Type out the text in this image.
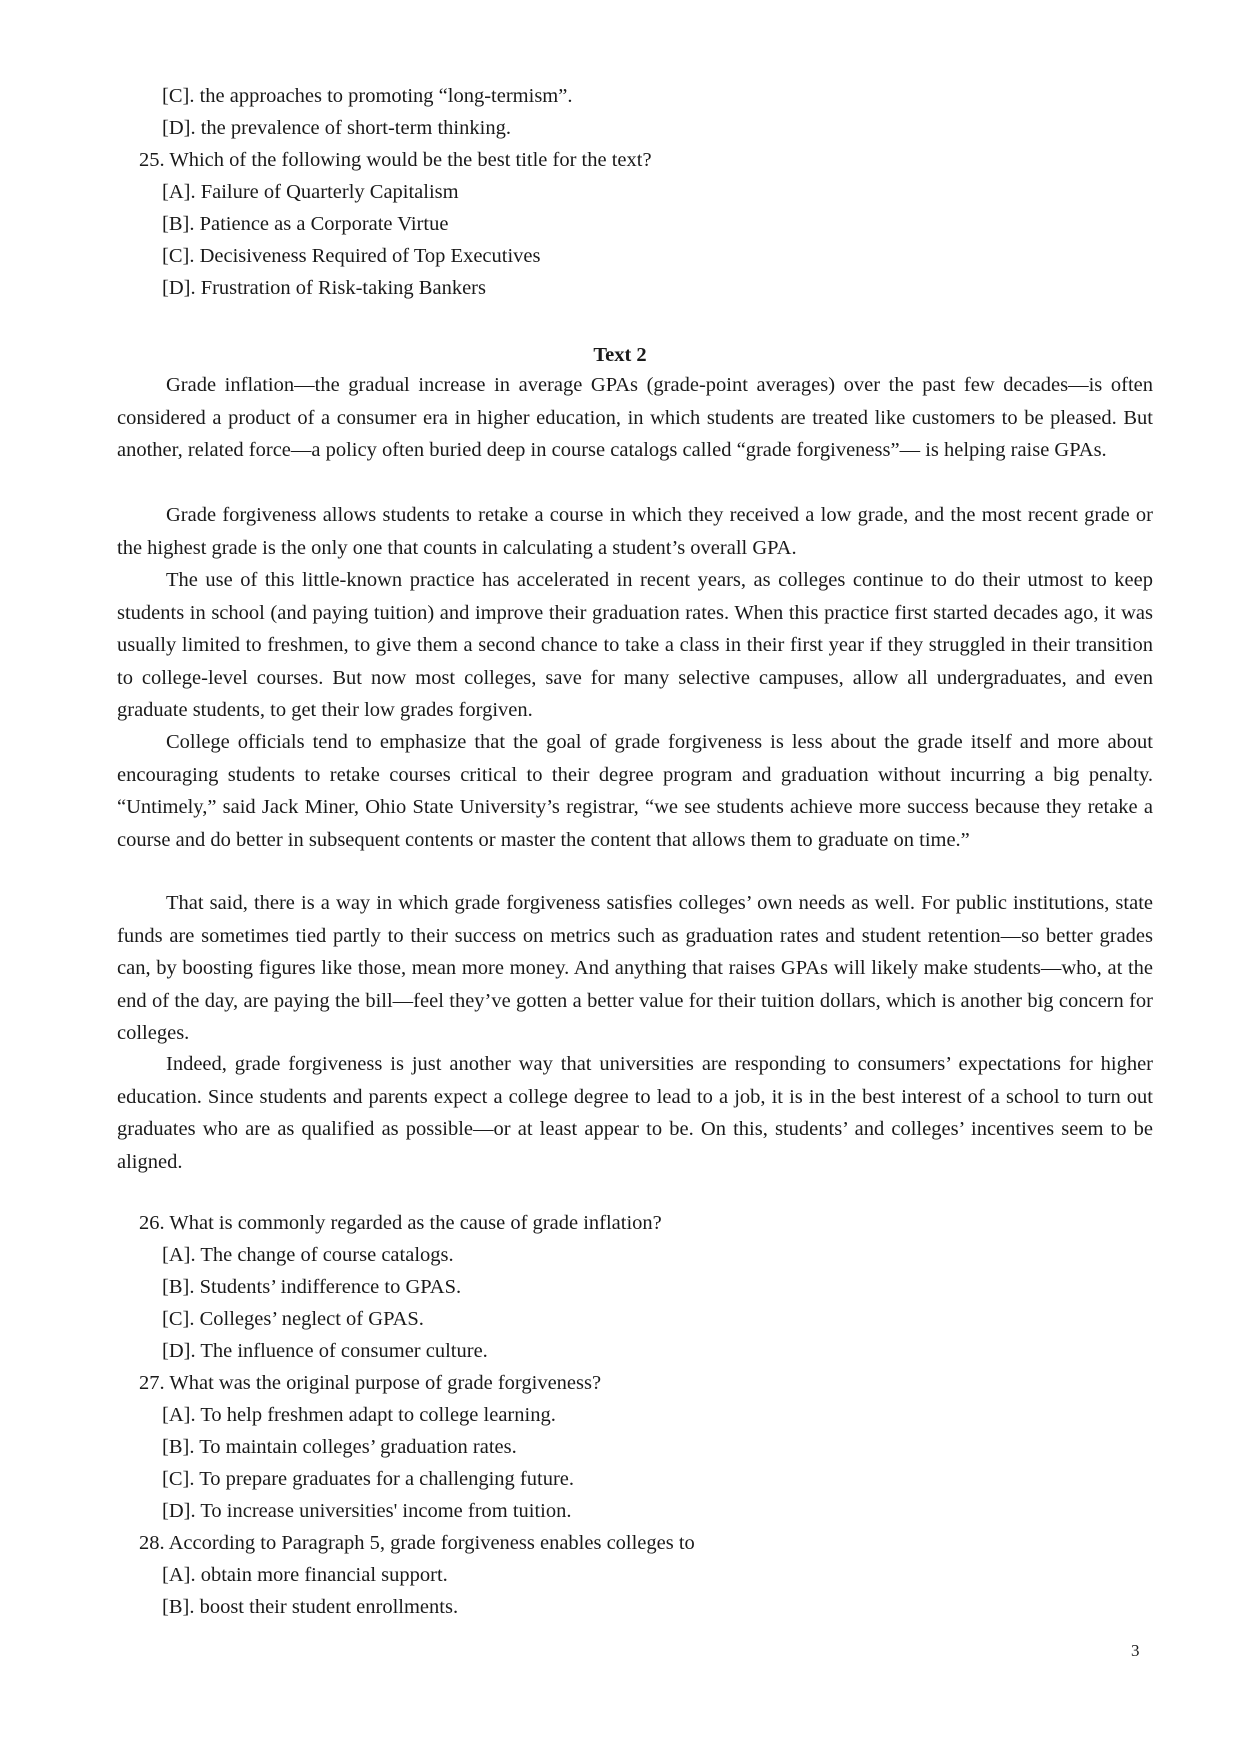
[C]. the approaches to promoting “long-termism”.
[D]. the prevalence of short-term thinking.
25. Which of the following would be the best title for the text?
[A]. Failure of Quarterly Capitalism
[B]. Patience as a Corporate Virtue
[C]. Decisiveness Required of Top Executives
[D]. Frustration of Risk-taking Bankers
Text 2
Grade inflation—the gradual increase in average GPAs (grade-point averages) over the past few decades—is often considered a product of a consumer era in higher education, in which students are treated like customers to be pleased. But another, related force—a policy often buried deep in course catalogs called “grade forgiveness”— is helping raise GPAs.
Grade forgiveness allows students to retake a course in which they received a low grade, and the most recent grade or the highest grade is the only one that counts in calculating a student’s overall GPA.
The use of this little-known practice has accelerated in recent years, as colleges continue to do their utmost to keep students in school (and paying tuition) and improve their graduation rates. When this practice first started decades ago, it was usually limited to freshmen, to give them a second chance to take a class in their first year if they struggled in their transition to college-level courses. But now most colleges, save for many selective campuses, allow all undergraduates, and even graduate students, to get their low grades forgiven.
College officials tend to emphasize that the goal of grade forgiveness is less about the grade itself and more about encouraging students to retake courses critical to their degree program and graduation without incurring a big penalty. “Untimely,” said Jack Miner, Ohio State University’s registrar, “we see students achieve more success because they retake a course and do better in subsequent contents or master the content that allows them to graduate on time.”
That said, there is a way in which grade forgiveness satisfies colleges’ own needs as well. For public institutions, state funds are sometimes tied partly to their success on metrics such as graduation rates and student retention—so better grades can, by boosting figures like those, mean more money. And anything that raises GPAs will likely make students—who, at the end of the day, are paying the bill—feel they’ve gotten a better value for their tuition dollars, which is another big concern for colleges.
Indeed, grade forgiveness is just another way that universities are responding to consumers’ expectations for higher education. Since students and parents expect a college degree to lead to a job, it is in the best interest of a school to turn out graduates who are as qualified as possible—or at least appear to be. On this, students’ and colleges’ incentives seem to be aligned.
26. What is commonly regarded as the cause of grade inflation?
[A]. The change of course catalogs.
[B]. Students’ indifference to GPAS.
[C]. Colleges’ neglect of GPAS.
[D]. The influence of consumer culture.
27. What was the original purpose of grade forgiveness?
[A]. To help freshmen adapt to college learning.
[B]. To maintain colleges’ graduation rates.
[C]. To prepare graduates for a challenging future.
[D]. To increase universities' income from tuition.
28. According to Paragraph 5, grade forgiveness enables colleges to
[A]. obtain more financial support.
[B]. boost their student enrollments.
3
